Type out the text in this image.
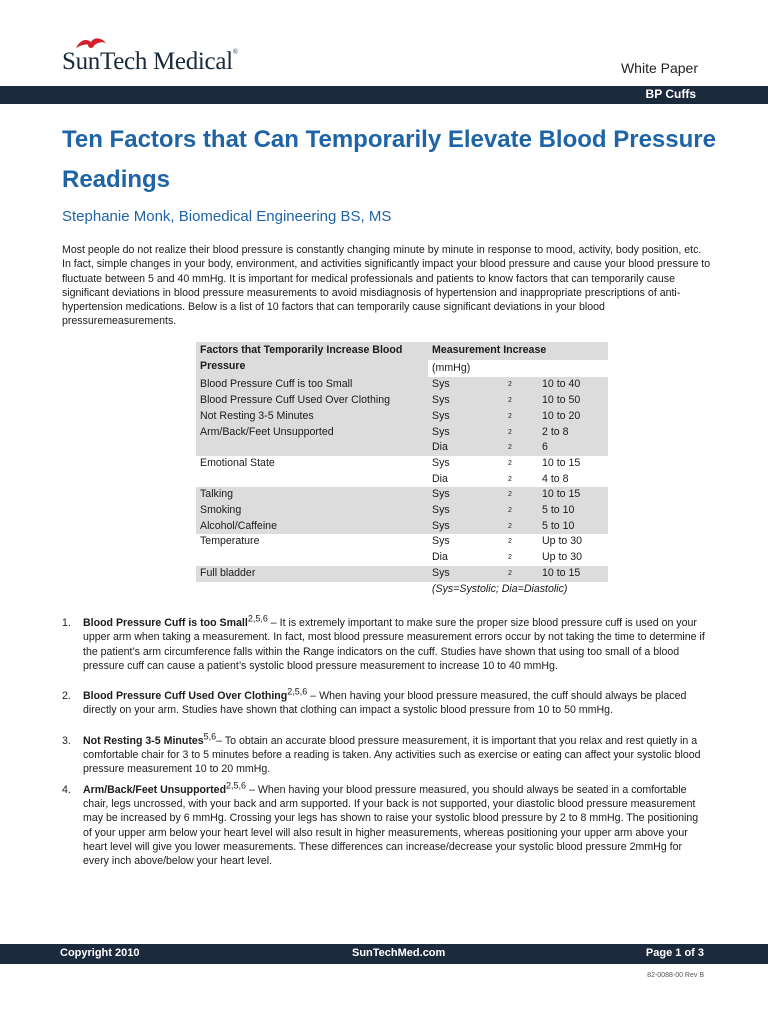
SunTech Medical®
White Paper
BP Cuffs
Ten Factors that Can Temporarily Elevate Blood Pressure Readings
Stephanie Monk, Biomedical Engineering BS, MS

Most people do not realize their blood pressure is constantly changing minute by minute in response to mood, activity, body position, etc. In fact, simple changes in your body, environment, and activities significantly impact your blood pressure and cause your blood pressure to fluctuate between 5 and 40 mmHg. It is important for medical professionals and patients to know factors that can temporarily cause significant deviations in blood pressure measurements to avoid misdiagnosis of hypertension and inappropriate prescriptions of anti-hypertension medications. Below is a list of 10 factors that can temporarily cause significant deviations in your blood pressuremeasurements.

Factors that Temporarily Increase Blood Pressure	Measurement Increase		
	(mmHg)		
Blood Pressure Cuff is too Small	Sys	2	10 to 40
Blood Pressure Cuff Used Over Clothing	Sys	2	10 to 50
Not Resting 3-5 Minutes	Sys	2	10 to 20
Arm/Back/Feet Unsupported	Sys	2	2 to 8
	Dia	2	6
Emotional State	Sys	2	10 to 15
	Dia	2	4 to 8
Talking	Sys	2	10 to 15
Smoking	Sys	2	5 to 10
Alcohol/Caffeine	Sys	2	5 to 10
Temperature	Sys	2	Up to 30
	Dia	2	Up to 30
Full bladder	Sys	2	10 to 15
	(Sys=Systolic; Dia=Diastolic)		
1. Blood Pressure Cuff is too Small$^{2,5,6}$ – It is extremely important to make sure the proper size blood pressure cuff is used on your upper arm when taking a measurement. In fact, most blood pressure measurement errors occur by not taking the time to determine if the patient’s arm circumference falls within the Range indicators on the cuff. Studies have shown that using too small of a blood pressure cuff can cause a patient’s systolic blood pressure measurement to increase 10 to 40 mmHg.
2. Blood Pressure Cuff Used Over Clothing$^{2,5,6}$ – When having your blood pressure measured, the cuff should always be placed directly on your arm. Studies have shown that clothing can impact a systolic blood pressure from 10 to 50 mmHg.
3. Not Resting 3-5 Minutes$^{5,6}$– To obtain an accurate blood pressure measurement, it is important that you relax and rest quietly in a comfortable chair for 3 to 5 minutes before a reading is taken. Any activities such as exercise or eating can affect your systolic blood pressure measurement 10 to 20 mmHg.
4. Arm/Back/Feet Unsupported$^{2,5,6}$ – When having your blood pressure measured, you should always be seated in a comfortable chair, legs uncrossed, with your back and arm supported. If your back is not supported, your diastolic blood pressure measurement may be increased by 6 mmHg. Crossing your legs has shown to raise your systolic blood pressure by 2 to 8 mmHg. The positioning of your upper arm below your heart level will also result in higher measurements, whereas positioning your upper arm above your heart level will give you lower measurements. These differences can increase/decrease your systolic blood pressure 2mmHg for every inch above/below your heart level.
Copyright 2010	SunTechMed.com	Page 1 of 3
82-0088-00 Rev B
